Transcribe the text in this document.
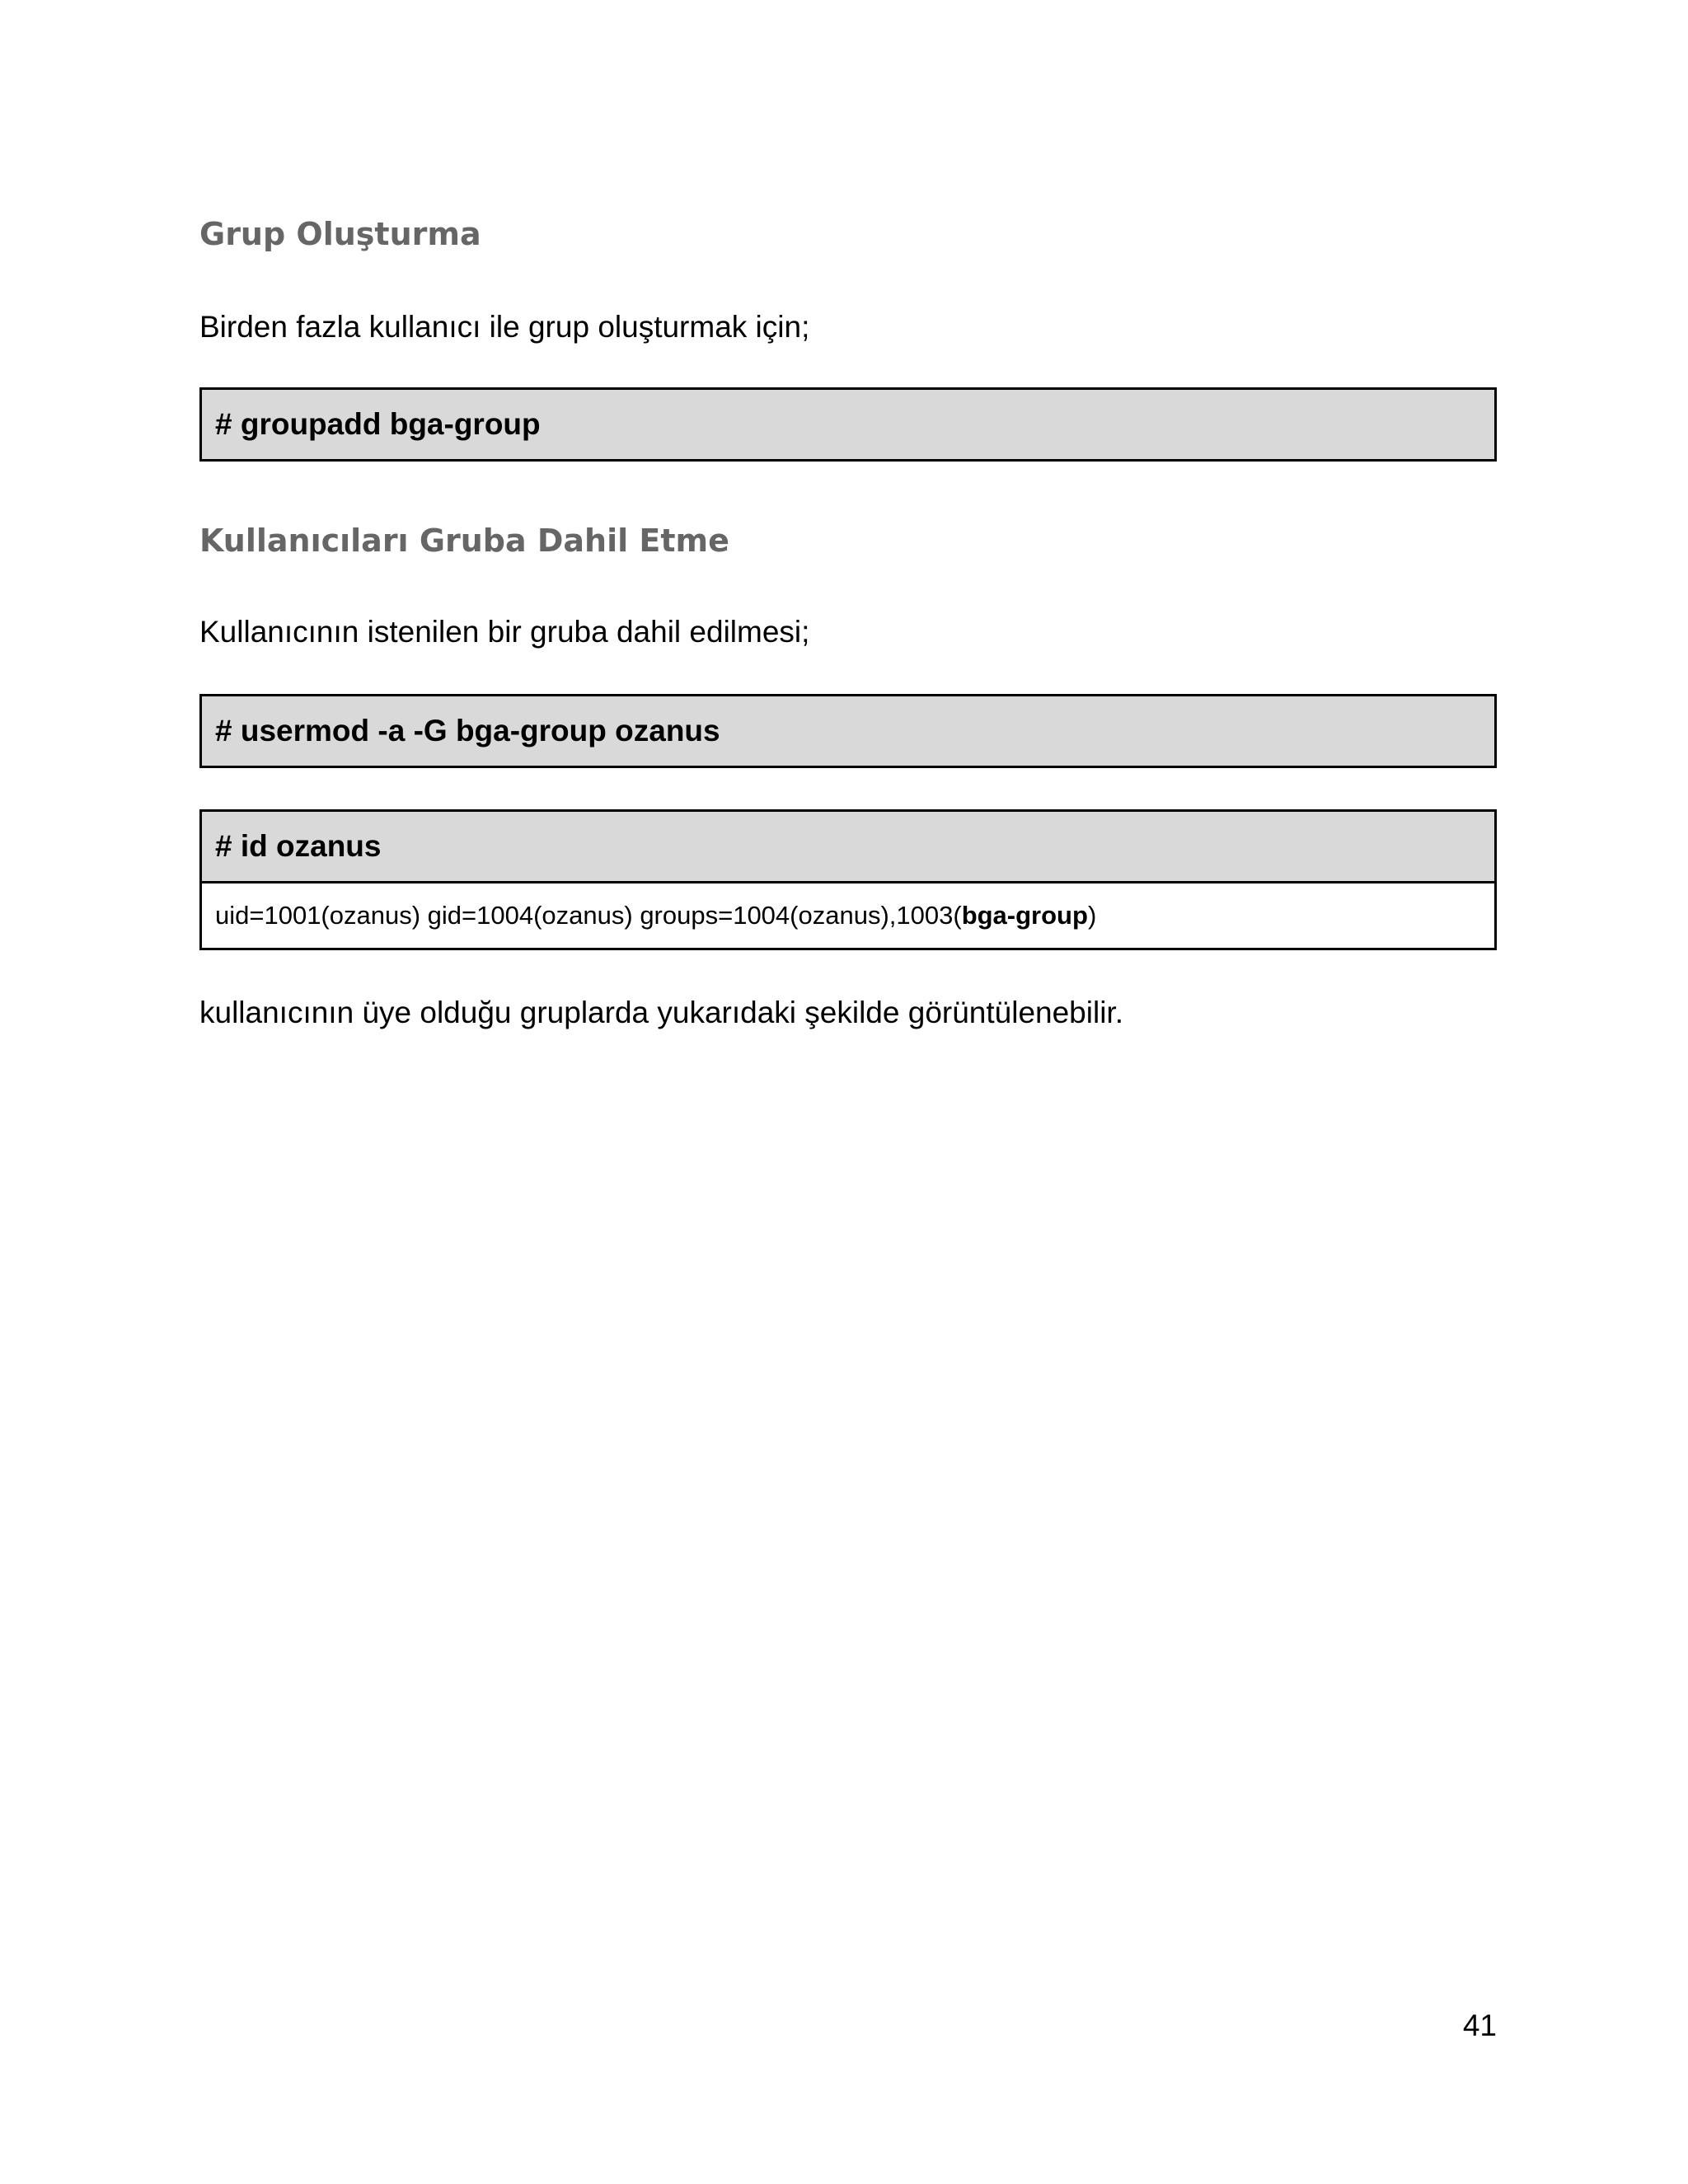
Grup Oluşturma
Birden fazla kullanıcı ile grup oluşturmak için;
# groupadd bga-group
Kullanıcıları Gruba Dahil Etme
Kullanıcının istenilen bir gruba dahil edilmesi;
# usermod -a -G bga-group ozanus
# id ozanus
uid=1001(ozanus) gid=1004(ozanus) groups=1004(ozanus),1003( bga-group )
kullanıcının üye olduğu gruplarda yukarıdaki şekilde görüntülenebilir.
41
